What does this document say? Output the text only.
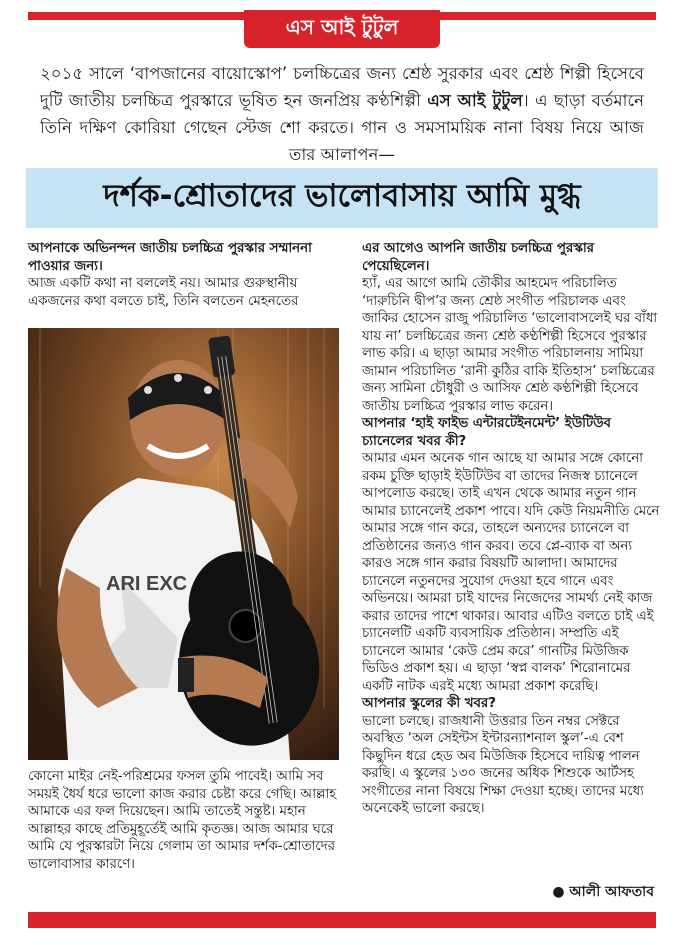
এস আই টুটুল
২০১৫ সালে ‘বাপজানের বায়োস্কোপ’ চলচ্চিত্রের জন্য শ্রেষ্ঠ সুরকার এবং শ্রেষ্ঠ শিল্পী হিসেবে দুটি জাতীয় চলচ্চিত্র পুরস্কারে ভূষিত হন জনপ্রিয় কণ্ঠশিল্পী এস আই টুটুল। এ ছাড়া বর্তমানে তিনি দক্ষিণ কোরিয়া গেছেন স্টেজ শো করতে। গান ও সমসাময়িক নানা বিষয় নিয়ে আজ তার আলাপন—
দর্শক-শ্রোতাদের ভালোবাসায় আমি মুগ্ধ

আপনাকে অভিনন্দন জাতীয় চলচ্চিত্র পুরস্কার সম্মাননা পাওয়ার জন্য।

আজ একটি কথা না বললেই নয়। আমার গুরুস্থানীয় একজনের কথা বলতে চাই, তিনি বলতেন মেহনতের

ARI EXC

কোনো মাইর নেই-পরিশ্রমের ফসল তুমি পাবেই। আমি সব সময়ই ধৈর্য ধরে ভালো কাজ করার চেষ্টা করে গেছি। আল্লাহ আমাকে এর ফল দিয়েছেন। আমি তাতেই সন্তুষ্ট। মহান আল্লাহর কাছে প্রতিমুহূর্তেই আমি কৃতজ্ঞ। আজ আমার ঘরে আমি যে পুরস্কারটা নিয়ে গেলাম তা আমার দর্শক-শ্রোতাদের ভালোবাসার কারণে।

এর আগেও আপনি জাতীয় চলচ্চিত্র পুরস্কার পেয়েছিলেন।

হ্যাঁ, এর আগে আমি তৌকীর আহমেদ পরিচালিত ‘দারুচিনি দ্বীপ’র জন্য শ্রেষ্ঠ সংগীত পরিচালক এবং জাকির হোসেন রাজু পরিচালিত ‘ভালোবাসলেই ঘর বাঁধা যায় না’ চলচ্চিত্রের জন্য শ্রেষ্ঠ কণ্ঠশিল্পী হিসেবে পুরস্কার লাভ করি। এ ছাড়া আমার সংগীত পরিচালনায় সামিয়া জামান পরিচালিত ‘রানী কুঠির বাকি ইতিহাস’ চলচ্চিত্রের জন্য সামিনা চৌধুরী ও আসিফ শ্রেষ্ঠ কণ্ঠশিল্পী হিসেবে জাতীয় চলচ্চিত্র পুরস্কার লাভ করেন।

আপনার ‘হাই ফাইভ এন্টারটেইনমেন্ট’ ইউটিউব চ্যানেলের খবর কী?

আমার এমন অনেক গান আছে যা আমার সঙ্গে কোনো রকম চুক্তি ছাড়াই ইউটিউব বা তাদের নিজস্ব চ্যানেলে আপলোড করছে। তাই এখন থেকে আমার নতুন গান আমার চ্যানেলেই প্রকাশ পাবে। যদি কেউ নিয়মনীতি মেনে আমার সঙ্গে গান করে, তাহলে অন্যদের চ্যানেলে বা প্রতিষ্ঠানের জন্যও গান করব। তবে প্লে-ব্যাক বা অন্য কারও সঙ্গে গান করার বিষয়টি আলাদা। আমাদের চ্যানেলে নতুনদের সুযোগ দেওয়া হবে গানে এবং অভিনয়ে। আমরা চাই যাদের নিজেদের সামর্থ্য নেই কাজ করার তাদের পাশে থাকার। আবার এটিও বলতে চাই এই চ্যানেলটি একটি ব্যবসায়িক প্রতিষ্ঠান। সম্প্রতি এই চ্যানেলে আমার ‘কেউ প্রেম করে’ গানটির মিউজিক ভিডিও প্রকাশ হয়। এ ছাড়া ‘স্বপ্ন বালক’ শিরোনামের একটি নাটক এরই মধ্যে আমরা প্রকাশ করেছি।

আপনার স্কুলের কী খবর?

ভালো চলছে। রাজধানী উত্তরার তিন নম্বর সেক্টরে অবস্থিত ‘অল সেইন্টস ইন্টারন্যাশনাল স্কুল’-এ বেশ কিছুদিন ধরে হেড অব মিউজিক হিসেবে দায়িত্ব পালন করছি। এ স্কুলের ১৩০ জনের অধিক শিশুকে আর্টসহ সংগীতের নানা বিষয়ে শিক্ষা দেওয়া হচ্ছে। তাদের মধ্যে অনেকেই ভালো করছে।

● আলী আফতাব
